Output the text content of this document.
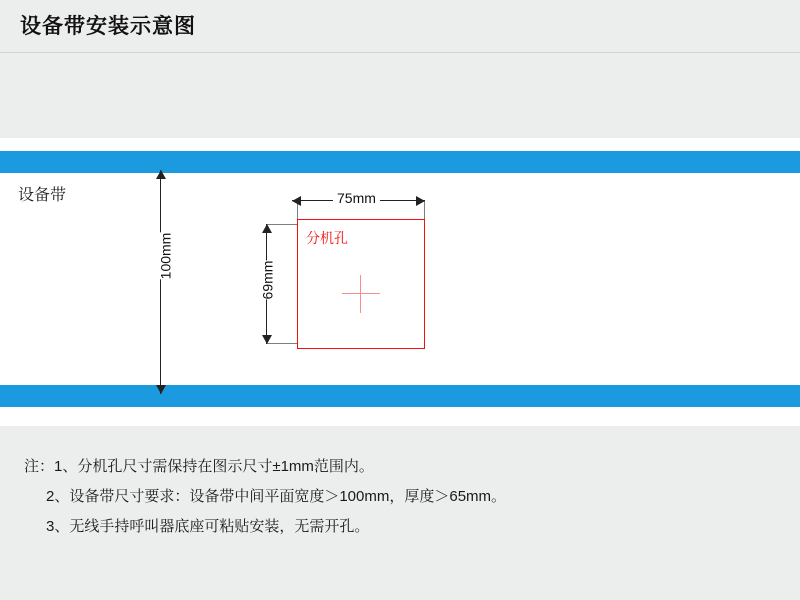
设备带安装示意图
设备带
100mm
75mm
69mm
分机孔
注：1、分机孔尺寸需保持在图示尺寸±1mm范围内。
2、设备带尺寸要求：设备带中间平面宽度＞100mm，厚度＞65mm。
3、无线手持呼叫器底座可粘贴安装，无需开孔。
